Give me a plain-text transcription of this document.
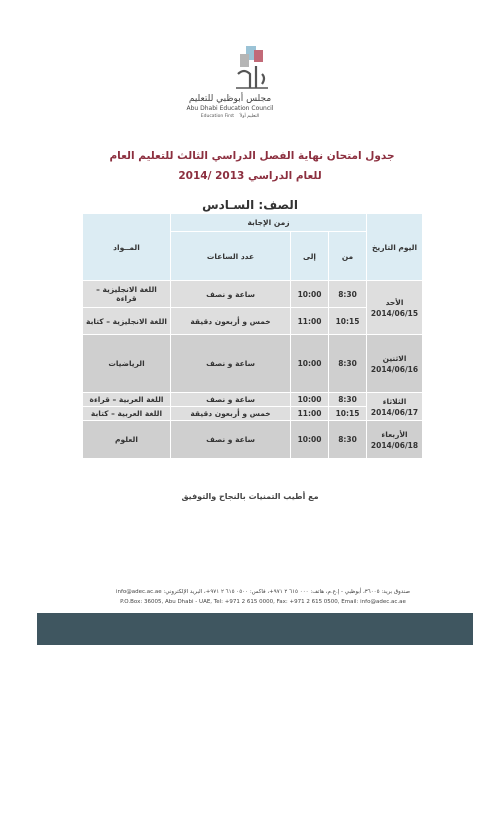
مجلس أبوظبي للتعليم
Abu Dhabi Education Council
Education First التعليم أولاً
جدول امتحان نهاية الفصل الدراسي الثالث للتعليم العام
للعام الدراسي 2013 /2014
الصف: السـادس
اليوم التاريخ	زمن الإجابة			المــواد
	من	إلى	عدد الساعات	

الأحد
2014/06/15	8:30	10:00	ساعة و نصف	اللغة الانجليزية – قراءة
	10:15	11:00	خمس و أربعون دقيقة	اللغة الانجليزية – كتابة

الاثنين
2014/06/16	8:30	10:00	ساعة و نصف	الرياضيات

الثلاثاء
2014/06/17	8:30	10:00	ساعة و نصف	اللغة العربية – قراءة
	10:15	11:00	خمس و أربعون دقيقة	اللغة العربية – كتابة

الأربعاء
2014/06/18	8:30	10:00	ساعة و نصف	العلوم
مع أطيب التمنيات بالنجاح والتوفيق
صندوق بريد: ٣٦٠٠٥، أبوظبي - إ.ع.م، هاتف: ٠٠٠ ٦١٥ ٢ ٩٧١+، فاكس: ٠٥٠٠ ٦١٥ ٢ ٩٧١+، البريد الإلكتروني: info@adec.ac.ae
P.O.Box: 36005, Abu Dhabi - UAE, Tel: +971 2 615 0000, Fax: +971 2 615 0500, Email: info@adec.ac.ae
